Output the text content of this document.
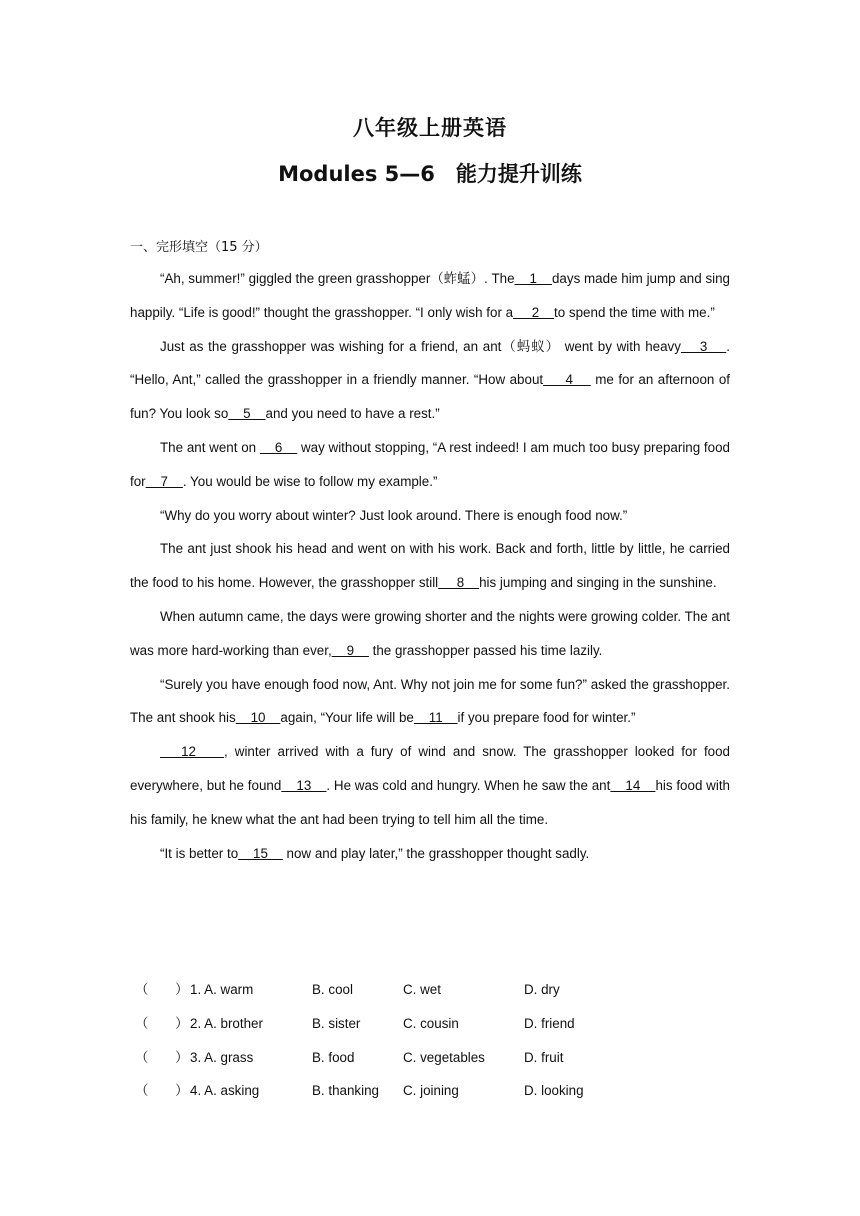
八年级上册英语
Modules 5—6　能力提升训练
一、完形填空（15 分）

“Ah, summer!” giggled the green grasshopper（蚱蜢）. The    1    days made him jump and sing happily. “Life is good!” thought the grasshopper. “I only wish for a     2    to spend the time with me.”

Just as the grasshopper was wishing for a friend, an ant（蚂蚁） went by with heavy    3    . “Hello, Ant,” called the grasshopper in a friendly manner. “How about     4     me for an afternoon of fun? You look so    5    and you need to have a rest.”

The ant went on     6     way without stopping, “A rest indeed! I am much too busy preparing food for    7    . You would be wise to follow my example.”

“Why do you worry about winter? Just look around. There is enough food now.”

The ant just shook his head and went on with his work. Back and forth, little by little, he carried the food to his home. However, the grasshopper still     8    his jumping and singing in the sunshine.

When autumn came, the days were growing shorter and the nights were growing colder. The ant was more hard-working than ever,    9     the grasshopper passed his time lazily.

“Surely you have enough food now, Ant. Why not join me for some fun?” asked the grasshopper. The ant shook his    10    again, “Your life will be    11    if you prepare food for winter.”

12    , winter arrived with a fury of wind and snow. The grasshopper looked for food everywhere, but he found    13    . He was cold and hungry. When he saw the ant    14    his food with his family, he knew what the ant had been trying to tell him all the time.

“It is better to    15     now and play later,” the grasshopper thought sadly.

（　　） 1. A. warm	B. cool	C. wet	D. dry
（　　） 2. A. brother	B. sister	C. cousin	D. friend
（　　） 3. A. grass	B. food	C. vegetables	D. fruit
（　　） 4. A. asking	B. thanking C. joining	D. looking
